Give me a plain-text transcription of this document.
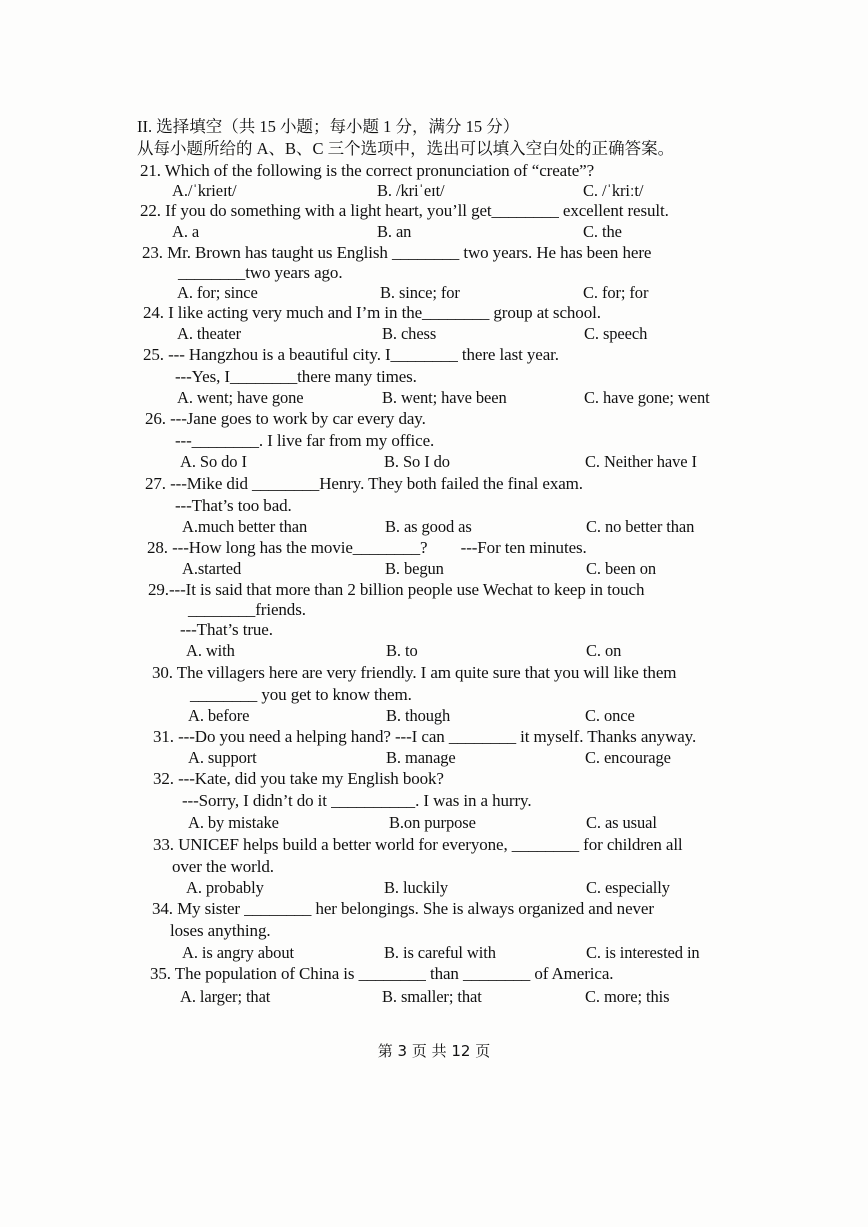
II. 选择填空（共 15 小题；每小题 1 分，满分 15 分）
从每小题所给的 A、B、C 三个选项中，选出可以填入空白处的正确答案。
21. Which of the following is the correct pronunciation of “create”?
A./ˈkrieɪt/	B. /kriˈeɪt/	C. /ˈkriːt/
22. If you do something with a light heart, you’ll get________ excellent result.
A. a	B. an	C. the
23. Mr. Brown has taught us English ________ two years. He has been here
________two years ago.
A. for; since	B. since; for	C. for; for
24. I like acting very much and I’m in the________ group at school.
A. theater	B. chess	C. speech
25. --- Hangzhou is a beautiful city. I________ there last year.
---Yes, I________there many times.
A. went; have gone	B. went; have been	C. have gone; went
26. ---Jane goes to work by car every day.
---________. I live far from my office.
A. So do I	B. So I do	C. Neither have I
27. ---Mike did ________Henry. They both failed the final exam.
---That’s too bad.
A.much better than	B. as good as	C. no better than
28. ---How long has the movie________?        ---For ten minutes.
A.started	B. begun	C. been on
29.---It is said that more than 2 billion people use Wechat to keep in touch
________friends.
---That’s true.
A. with	B. to	C. on
30. The villagers here are very friendly. I am quite sure that you will like them
________ you get to know them.
A. before	B. though	C. once
31. ---Do you need a helping hand? ---I can ________ it myself. Thanks anyway.
A. support	B. manage	C. encourage
32. ---Kate, did you take my English book?
---Sorry, I didn’t do it __________. I was in a hurry.
A. by mistake	B.on purpose	C. as usual
33. UNICEF helps build a better world for everyone, ________ for children all
over the world.
A. probably	B. luckily	C. especially
34. My sister ________ her belongings. She is always organized and never
loses anything.
A. is angry about	B. is careful with	C. is interested in
35. The population of China is ________ than ________ of America.
A. larger; that	B. smaller; that	C. more; this
第 3 页 共 12 页
